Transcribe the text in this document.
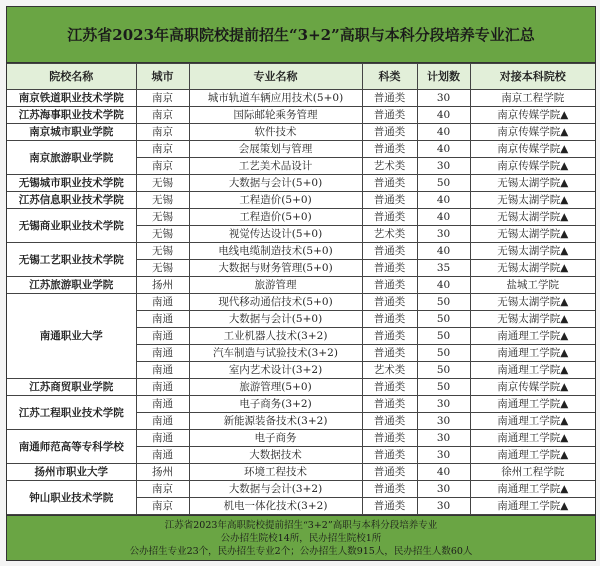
江苏省2023年高职院校提前招生“3+2”高职与本科分段培养专业汇总
院校名称	城市	专业名称	科类	计划数	对接本科院校
南京铁道职业技术学院	南京	城市轨道车辆应用技术(5+0)	普通类	30	南京工程学院
江苏海事职业技术学院	南京	国际邮轮乘务管理	普通类	40	南京传媒学院▲
南京城市职业学院	南京	软件技术	普通类	40	南京传媒学院▲
南京旅游职业学院	南京	会展策划与管理	普通类	40	南京传媒学院▲
	南京	工艺美术品设计	艺术类	30	南京传媒学院▲
无锡城市职业技术学院	无锡	大数据与会计(5+0)	普通类	50	无锡太湖学院▲
江苏信息职业技术学院	无锡	工程造价(5+0)	普通类	40	无锡太湖学院▲
无锡商业职业技术学院	无锡	工程造价(5+0)	普通类	40	无锡太湖学院▲
	无锡	视觉传达设计(5+0)	艺术类	30	无锡太湖学院▲
无锡工艺职业技术学院	无锡	电线电缆制造技术(5+0)	普通类	40	无锡太湖学院▲
	无锡	大数据与财务管理(5+0)	普通类	35	无锡太湖学院▲
江苏旅游职业学院	扬州	旅游管理	普通类	40	盐城工学院
南通职业大学	南通	现代移动通信技术(5+0)	普通类	50	无锡太湖学院▲
	南通	大数据与会计(5+0)	普通类	50	无锡太湖学院▲
	南通	工业机器人技术(3+2)	普通类	50	南通理工学院▲
	南通	汽车制造与试验技术(3+2)	普通类	50	南通理工学院▲
	南通	室内艺术设计(3+2)	艺术类	50	南通理工学院▲
江苏商贸职业学院	南通	旅游管理(5+0)	普通类	50	南京传媒学院▲
江苏工程职业技术学院	南通	电子商务(3+2)	普通类	30	南通理工学院▲
	南通	新能源装备技术(3+2)	普通类	30	南通理工学院▲
南通师范高等专科学校	南通	电子商务	普通类	30	南通理工学院▲
	南通	大数据技术	普通类	30	南通理工学院▲
扬州市职业大学	扬州	环境工程技术	普通类	40	徐州工程学院
钟山职业技术学院	南京	大数据与会计(3+2)	普通类	30	南通理工学院▲
	南京	机电一体化技术(3+2)	普通类	30	南通理工学院▲
江苏省2023年高职院校提前招生“3+2”高职与本科分段培养专业
公办招生院校14所，民办招生院校1所
公办招生专业23个，民办招生专业2个；公办招生人数915人，民办招生人数60人
